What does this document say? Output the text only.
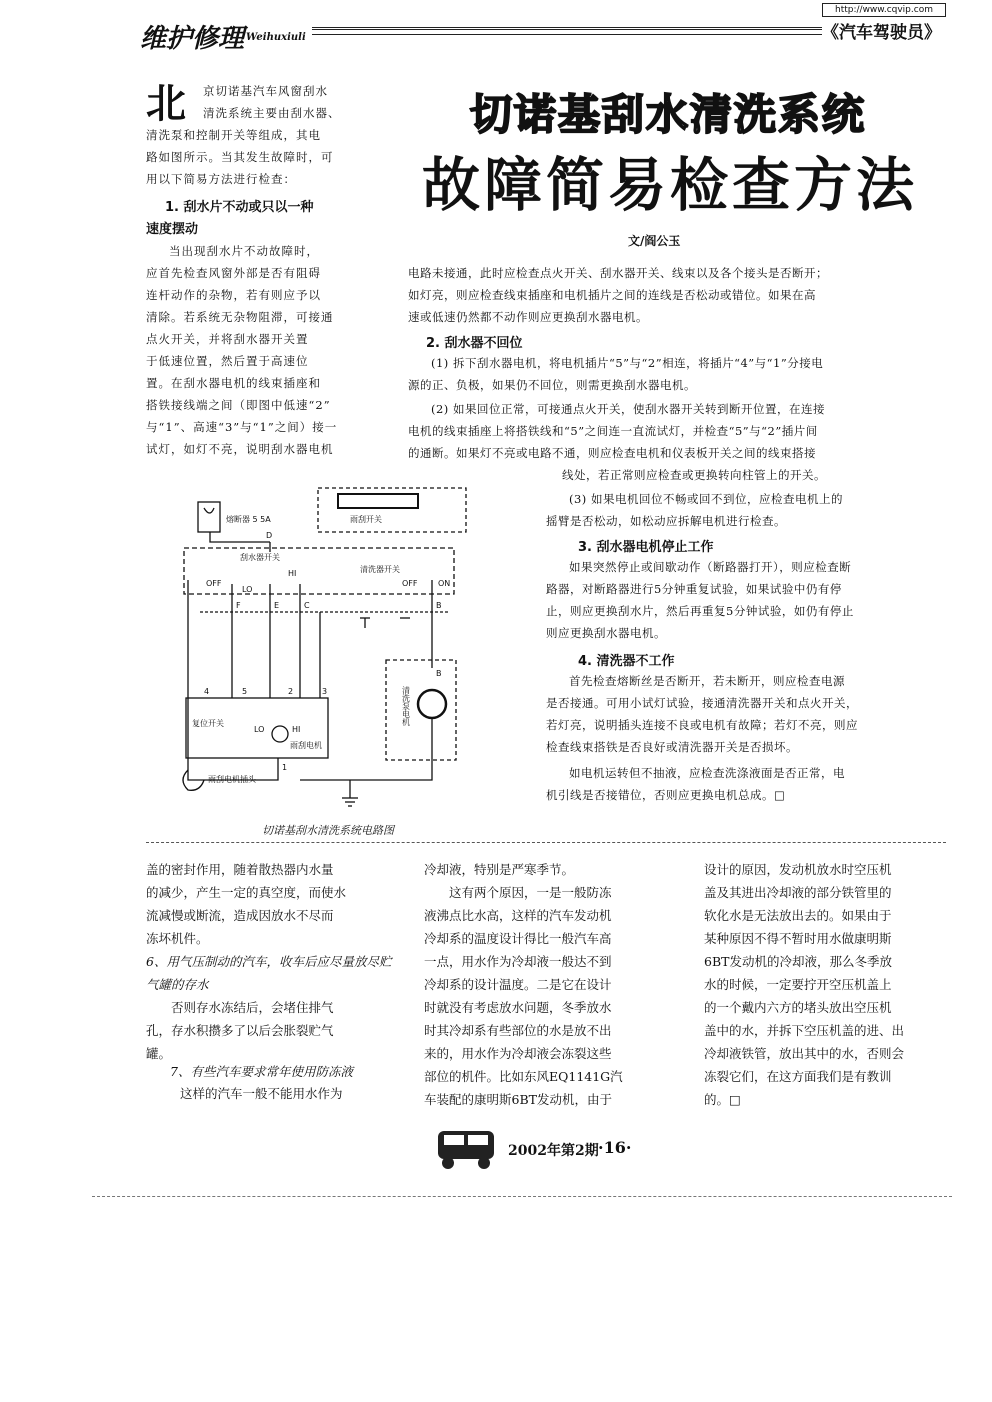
维护修理 Weihuxiuli
http://www.cqvip.com
《汽车驾驶员》
切诺基刮水清洗系统
故障简易检查方法
文/阎公玉
北 京切诺基汽车风窗刮水
清洗系统主要由刮水器、
清洗泵和控制开关等组成，其电
路如图所示。当其发生故障时，可
用以下简易方法进行检查：
1. 刮水片不动或只以一种
速度摆动
当出现刮水片不动故障时，
应首先检查风窗外部是否有阻碍
连杆动作的杂物，若有则应予以
清除。若系统无杂物阻滞，可接通
点火开关，并将刮水器开关置
于低速位置，然后置于高速位
置。在刮水器电机的线束插座和
搭铁接线端之间（即图中低速“2”
与“1”、高速“3”与“1”之间）接一
试灯，如灯不亮，说明刮水器电机
电路未接通，此时应检查点火开关、刮水器开关、线束以及各个接头是否断开；
如灯亮，则应检查线束插座和电机插片之间的连线是否松动或错位。如果在高
速或低速仍然都不动作则应更换刮水器电机。
2. 刮水器不回位
(1) 拆下刮水器电机，将电机插片“5”与“2”相连，将插片“4”与“1”分接电
源的正、负极，如果仍不回位，则需更换刮水器电机。
(2) 如果回位正常，可接通点火开关，使刮水器开关转到断开位置，在连接
电机的线束插座上将搭铁线和“5”之间连一直流试灯，并检查“5”与“2”插片间
的通断。如果灯不亮或电路不通，则应检查电机和仪表板开关之间的线束搭接
线处，若正常则应检查或更换转向柱管上的开关。
(3) 如果电机回位不畅或回不到位，应检查电机上的
摇臂是否松动，如松动应拆解电机进行检查。
3. 刮水器电机停止工作
如果突然停止或间歇动作（断路器打开），则应检查断
路器，对断路器进行5分钟重复试验，如果试验中仍有停
止，则应更换刮水片，然后再重复5分钟试验，如仍有停止
则应更换刮水器电机。
4. 清洗器不工作
首先检查熔断丝是否断开，若未断开，则应检查电源
是否接通。可用小试灯试验，接通清洗器开关和点火开关，
若灯亮，说明插头连接不良或电机有故障；若灯不亮，则应
检查线束搭铁是否良好或清洗器开关是否损坏。
如电机运转但不抽液，应检查洗涤液面是否正常，电
机引线是否接错位，否则应更换电机总成。□
熔断器 5 5A	雨刮开关
D
刮水器开关
清洗器开关
OFF	OFF	ON
LO
HI
F	E	C	B
B
4	5	2	3
1
复位开关
LO	HI
雨刮电机
清洗泵电机
雨刮电机插头
切诺基刮水清洗系统电路图
盖的密封作用，随着散热器内水量
的减少，产生一定的真空度，而使水
流减慢或断流，造成因放水不尽而
冻坏机件。
6、用气压制动的汽车，收车后应尽量放尽贮气罐的存水
否则存水冻结后，会堵住排气
孔，存水积攒多了以后会胀裂贮气
罐。
7、有些汽车要求常年使用防冻液
这样的汽车一般不能用水作为
冷却液，特别是严寒季节。
这有两个原因，一是一般防冻
液沸点比水高，这样的汽车发动机
冷却系的温度设计得比一般汽车高
一点，用水作为冷却液一般达不到
冷却系的设计温度。二是它在设计
时就没有考虑放水问题，冬季放水
时其冷却系有些部位的水是放不出
来的，用水作为冷却液会冻裂这些
部位的机件。比如东风EQ1141G汽
车装配的康明斯6BT发动机，由于
设计的原因，发动机放水时空压机
盖及其进出冷却液的部分铁管里的
软化水是无法放出去的。如果由于
某种原因不得不暂时用水做康明斯
6BT发动机的冷却液，那么冬季放
水的时候，一定要拧开空压机盖上
的一个戴内六方的堵头放出空压机
盖中的水，并拆下空压机盖的进、出
冷却液铁管，放出其中的水，否则会
冻裂它们，在这方面我们是有教训
的。□
2002年第2期 ·16·
